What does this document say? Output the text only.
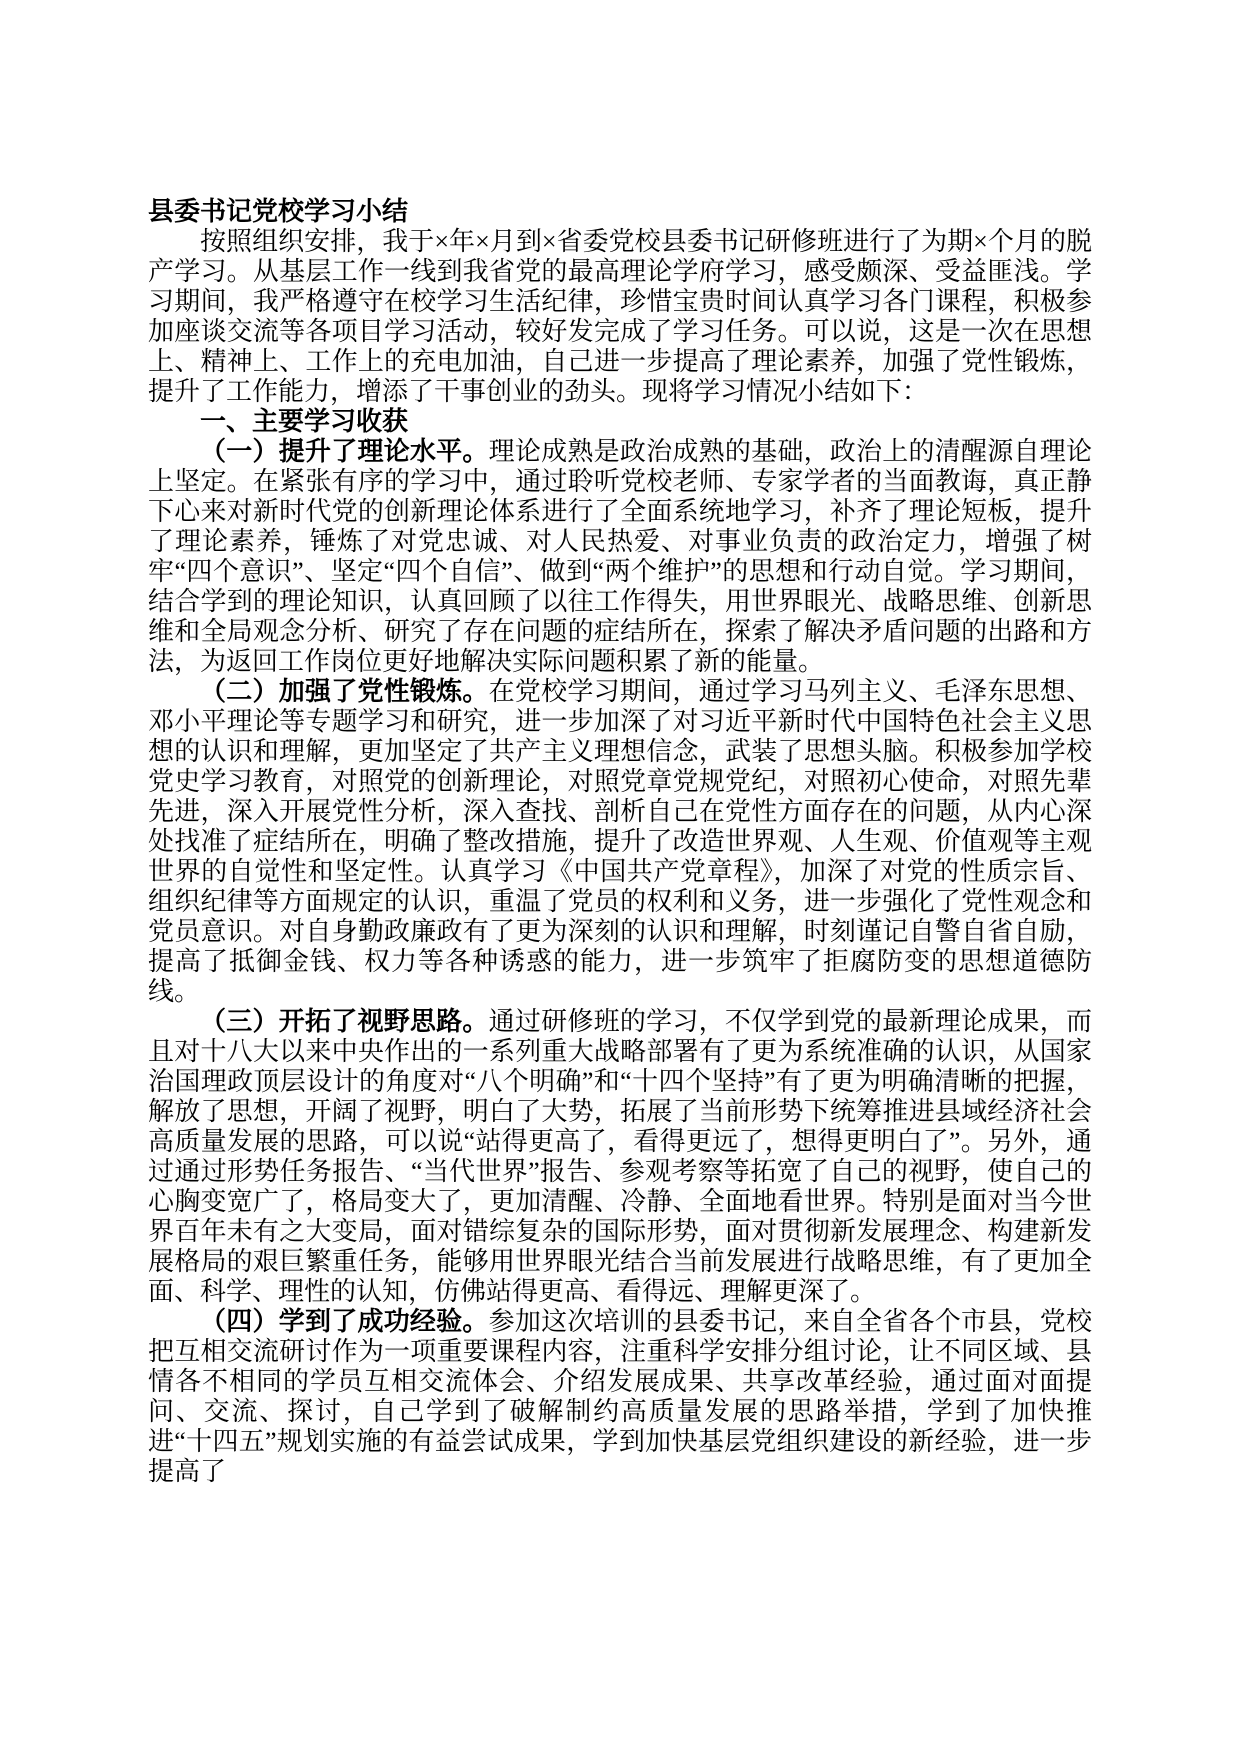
县委书记党校学习小结

按照组织安排，我于×年×月到×省委党校县委书记研修班进行了为期×个月的脱产学习。从基层工作一线到我省党的最高理论学府学习，感受颇深、受益匪浅。学习期间，我严格遵守在校学习生活纪律，珍惜宝贵时间认真学习各门课程，积极参加座谈交流等各项目学习活动，较好发完成了学习任务。可以说，这是一次在思想上、精神上、工作上的充电加油，自己进一步提高了理论素养，加强了党性锻炼，提升了工作能力，增添了干事创业的劲头。现将学习情况小结如下：

一、主要学习收获

（一）提升了理论水平。理论成熟是政治成熟的基础，政治上的清醒源自理论上坚定。在紧张有序的学习中，通过聆听党校老师、专家学者的当面教诲，真正静下心来对新时代党的创新理论体系进行了全面系统地学习，补齐了理论短板，提升了理论素养，锤炼了对党忠诚、对人民热爱、对事业负责的政治定力，增强了树牢“四个意识”、坚定“四个自信”、做到“两个维护”的思想和行动自觉。学习期间，结合学到的理论知识，认真回顾了以往工作得失，用世界眼光、战略思维、创新思维和全局观念分析、研究了存在问题的症结所在，探索了解决矛盾问题的出路和方法，为返回工作岗位更好地解决实际问题积累了新的能量。

（二）加强了党性锻炼。在党校学习期间，通过学习马列主义、毛泽东思想、邓小平理论等专题学习和研究，进一步加深了对习近平新时代中国特色社会主义思想的认识和理解，更加坚定了共产主义理想信念，武装了思想头脑。积极参加学校党史学习教育，对照党的创新理论，对照党章党规党纪，对照初心使命，对照先辈先进，深入开展党性分析，深入查找、剖析自己在党性方面存在的问题，从内心深处找准了症结所在，明确了整改措施，提升了改造世界观、人生观、价值观等主观世界的自觉性和坚定性。认真学习《中国共产党章程》，加深了对党的性质宗旨、组织纪律等方面规定的认识，重温了党员的权利和义务，进一步强化了党性观念和党员意识。对自身勤政廉政有了更为深刻的认识和理解，时刻谨记自警自省自励，提高了抵御金钱、权力等各种诱惑的能力，进一步筑牢了拒腐防变的思想道德防线。

（三）开拓了视野思路。通过研修班的学习，不仅学到党的最新理论成果，而且对十八大以来中央作出的一系列重大战略部署有了更为系统准确的认识，从国家治国理政顶层设计的角度对“八个明确”和“十四个坚持”有了更为明确清晰的把握，解放了思想，开阔了视野，明白了大势，拓展了当前形势下统筹推进县域经济社会高质量发展的思路，可以说“站得更高了，看得更远了，想得更明白了”。另外，通过通过形势任务报告、“当代世界”报告、参观考察等拓宽了自己的视野，使自己的心胸变宽广了，格局变大了，更加清醒、冷静、全面地看世界。特别是面对当今世界百年未有之大变局，面对错综复杂的国际形势，面对贯彻新发展理念、构建新发展格局的艰巨繁重任务，能够用世界眼光结合当前发展进行战略思维，有了更加全面、科学、理性的认知，仿佛站得更高、看得远、理解更深了。

（四）学到了成功经验。参加这次培训的县委书记，来自全省各个市县，党校把互相交流研讨作为一项重要课程内容，注重科学安排分组讨论，让不同区域、县情各不相同的学员互相交流体会、介绍发展成果、共享改革经验，通过面对面提问、交流、探讨，自己学到了破解制约高质量发展的思路举措，学到了加快推进“十四五”规划实施的有益尝试成果，学到加快基层党组织建设的新经验，进一步提高了
